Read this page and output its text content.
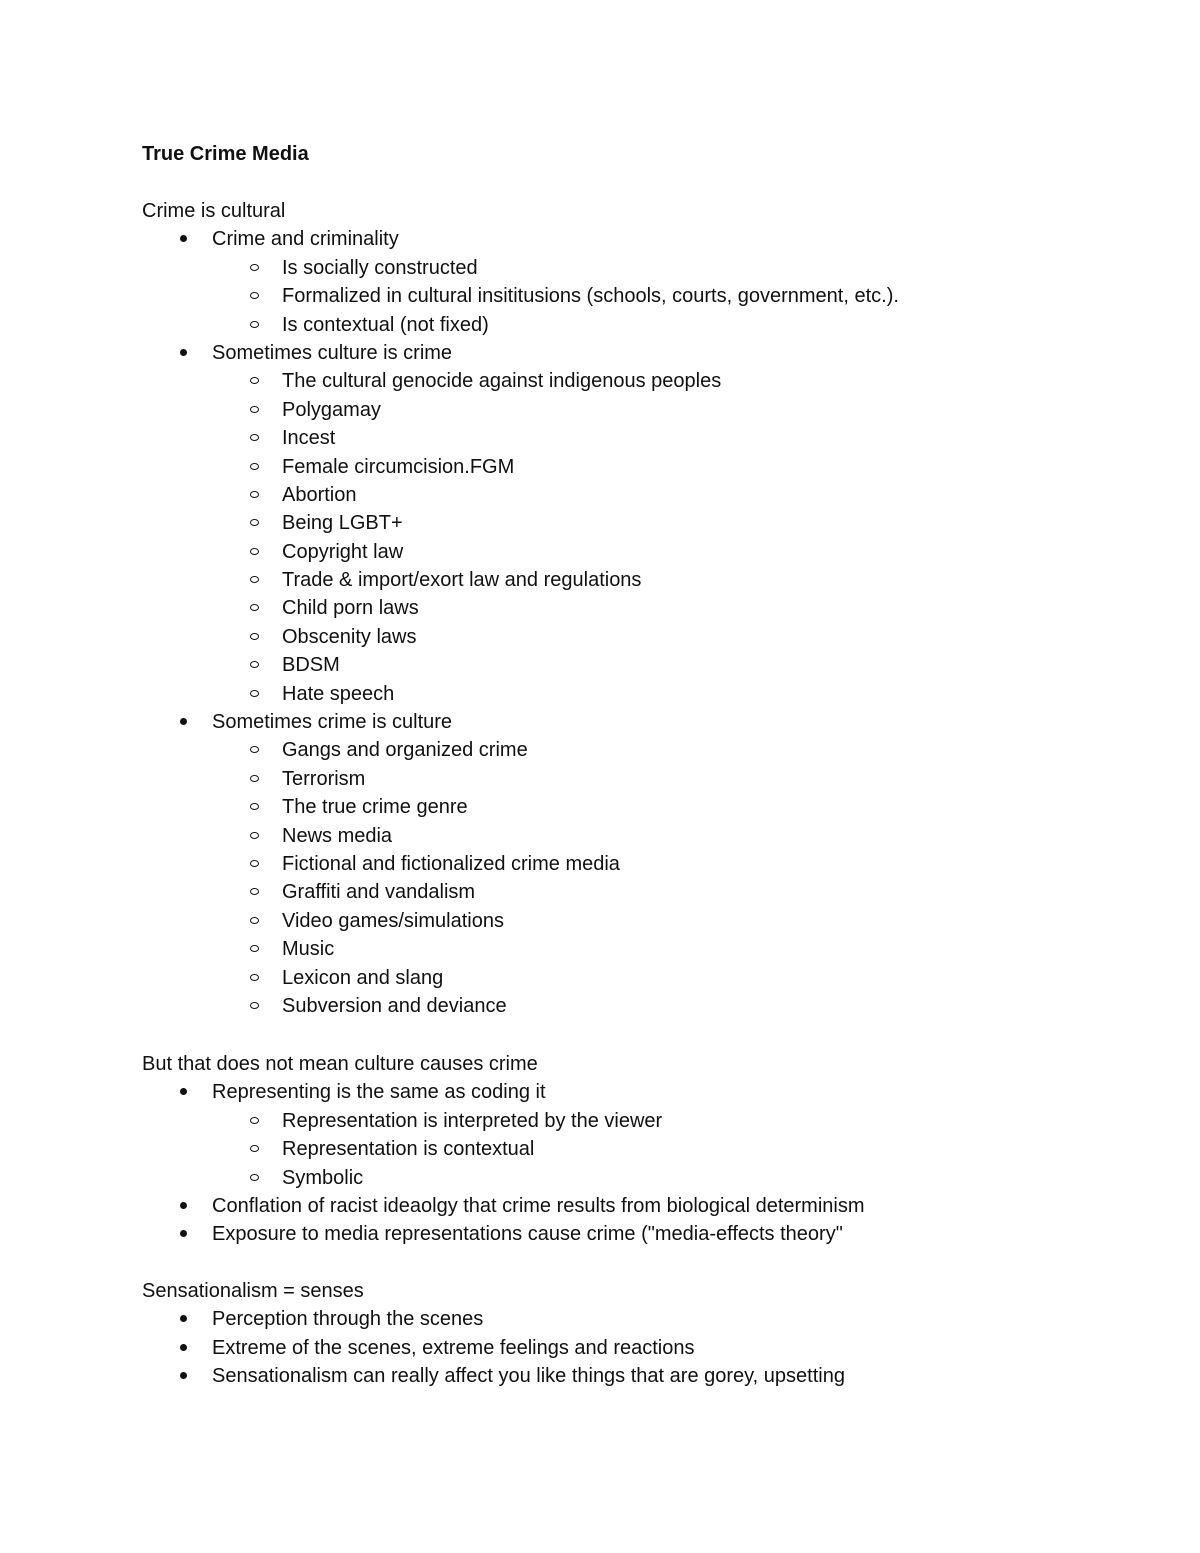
True Crime Media
Crime is cultural
Crime and criminality
Is socially constructed
Formalized in cultural insititusions (schools, courts, government, etc.).
Is contextual (not fixed)
Sometimes culture is crime
The cultural genocide against indigenous peoples
Polygamay
Incest
Female circumcision.FGM
Abortion
Being LGBT+
Copyright law
Trade & import/exort law and regulations
Child porn laws
Obscenity laws
BDSM
Hate speech
Sometimes crime is culture
Gangs and organized crime
Terrorism
The true crime genre
News media
Fictional and fictionalized crime media
Graffiti and vandalism
Video games/simulations
Music
Lexicon and slang
Subversion and deviance
But that does not mean culture causes crime
Representing is the same as coding it
Representation is interpreted by the viewer
Representation is contextual
Symbolic
Conflation of racist ideaolgy that crime results from biological determinism
Exposure to media representations cause crime ("media-effects theory"
Sensationalism = senses
Perception through the scenes
Extreme of the scenes, extreme feelings and reactions
Sensationalism can really affect you like things that are gorey, upsetting
